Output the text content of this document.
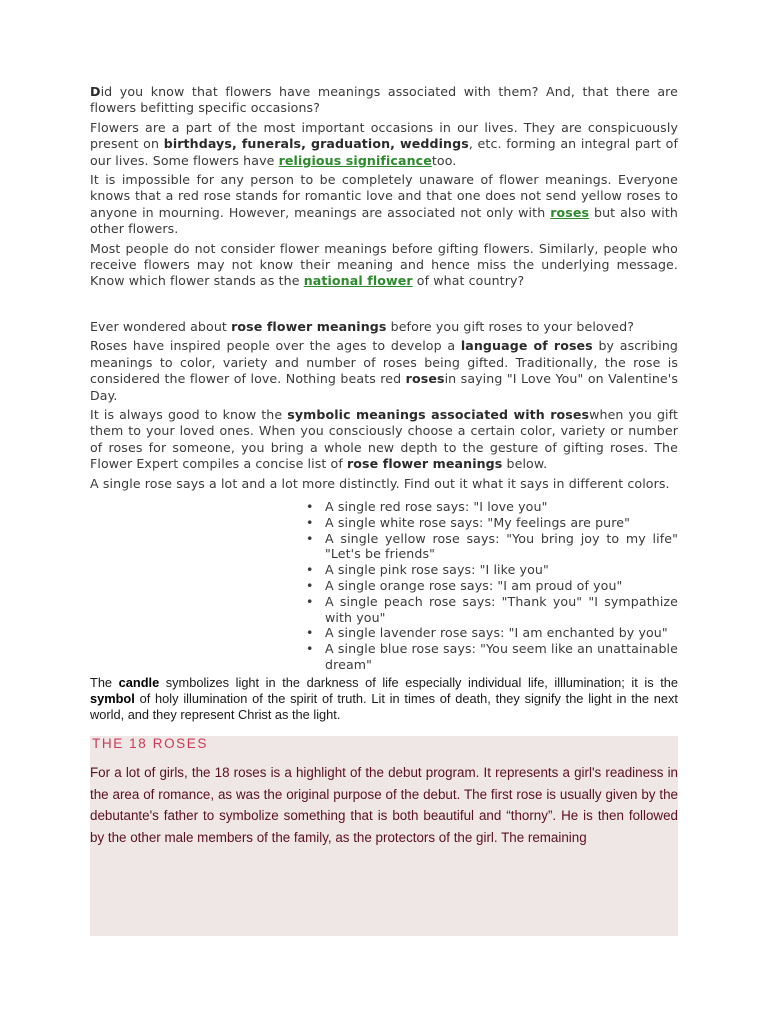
Did you know that flowers have meanings associated with them? And, that there are flowers befitting specific occasions?

Flowers are a part of the most important occasions in our lives. They are conspicuously present on birthdays, funerals, graduation, weddings, etc. forming an integral part of our lives. Some flowers have religious significancetoo.

It is impossible for any person to be completely unaware of flower meanings. Everyone knows that a red rose stands for romantic love and that one does not send yellow roses to anyone in mourning. However, meanings are associated not only with roses but also with other flowers.

Most people do not consider flower meanings before gifting flowers. Similarly, people who receive flowers may not know their meaning and hence miss the underlying message. Know which flower stands as the national flower of what country?

Ever wondered about rose flower meanings before you gift roses to your beloved?

Roses have inspired people over the ages to develop a language of roses by ascribing meanings to color, variety and number of roses being gifted. Traditionally, the rose is considered the flower of love. Nothing beats red rosesin saying "I Love You" on Valentine's Day.

It is always good to know the symbolic meanings associated with roseswhen you gift them to your loved ones. When you consciously choose a certain color, variety or number of roses for someone, you bring a whole new depth to the gesture of gifting roses. The Flower Expert compiles a concise list of rose flower meanings below.

A single rose says a lot and a lot more distinctly. Find out it what it says in different colors.

• A single red rose says: "I love you"
• A single white rose says: "My feelings are pure"
• A single yellow rose says: "You bring joy to my life" "Let's be friends"
• A single pink rose says: "I like you"
• A single orange rose says: "I am proud of you"
• A single peach rose says: "Thank you" "I sympathize with you"
• A single lavender rose says: "I am enchanted by you"
• A single blue rose says: "You seem like an unattainable dream"

The candle symbolizes light in the darkness of life especially individual life, illlumination; it is the symbol of holy illumination of the spirit of truth. Lit in times of death, they signify the light in the next world, and they represent Christ as the light.

THE 18 ROSES

For a lot of girls, the 18 roses is a highlight of the debut program. It represents a girl's readiness in the area of romance, as was the original purpose of the debut. The first rose is usually given by the debutante's father to symbolize something that is both beautiful and “thorny”. He is then followed by the other male members of the family, as the protectors of the girl. The remaining
